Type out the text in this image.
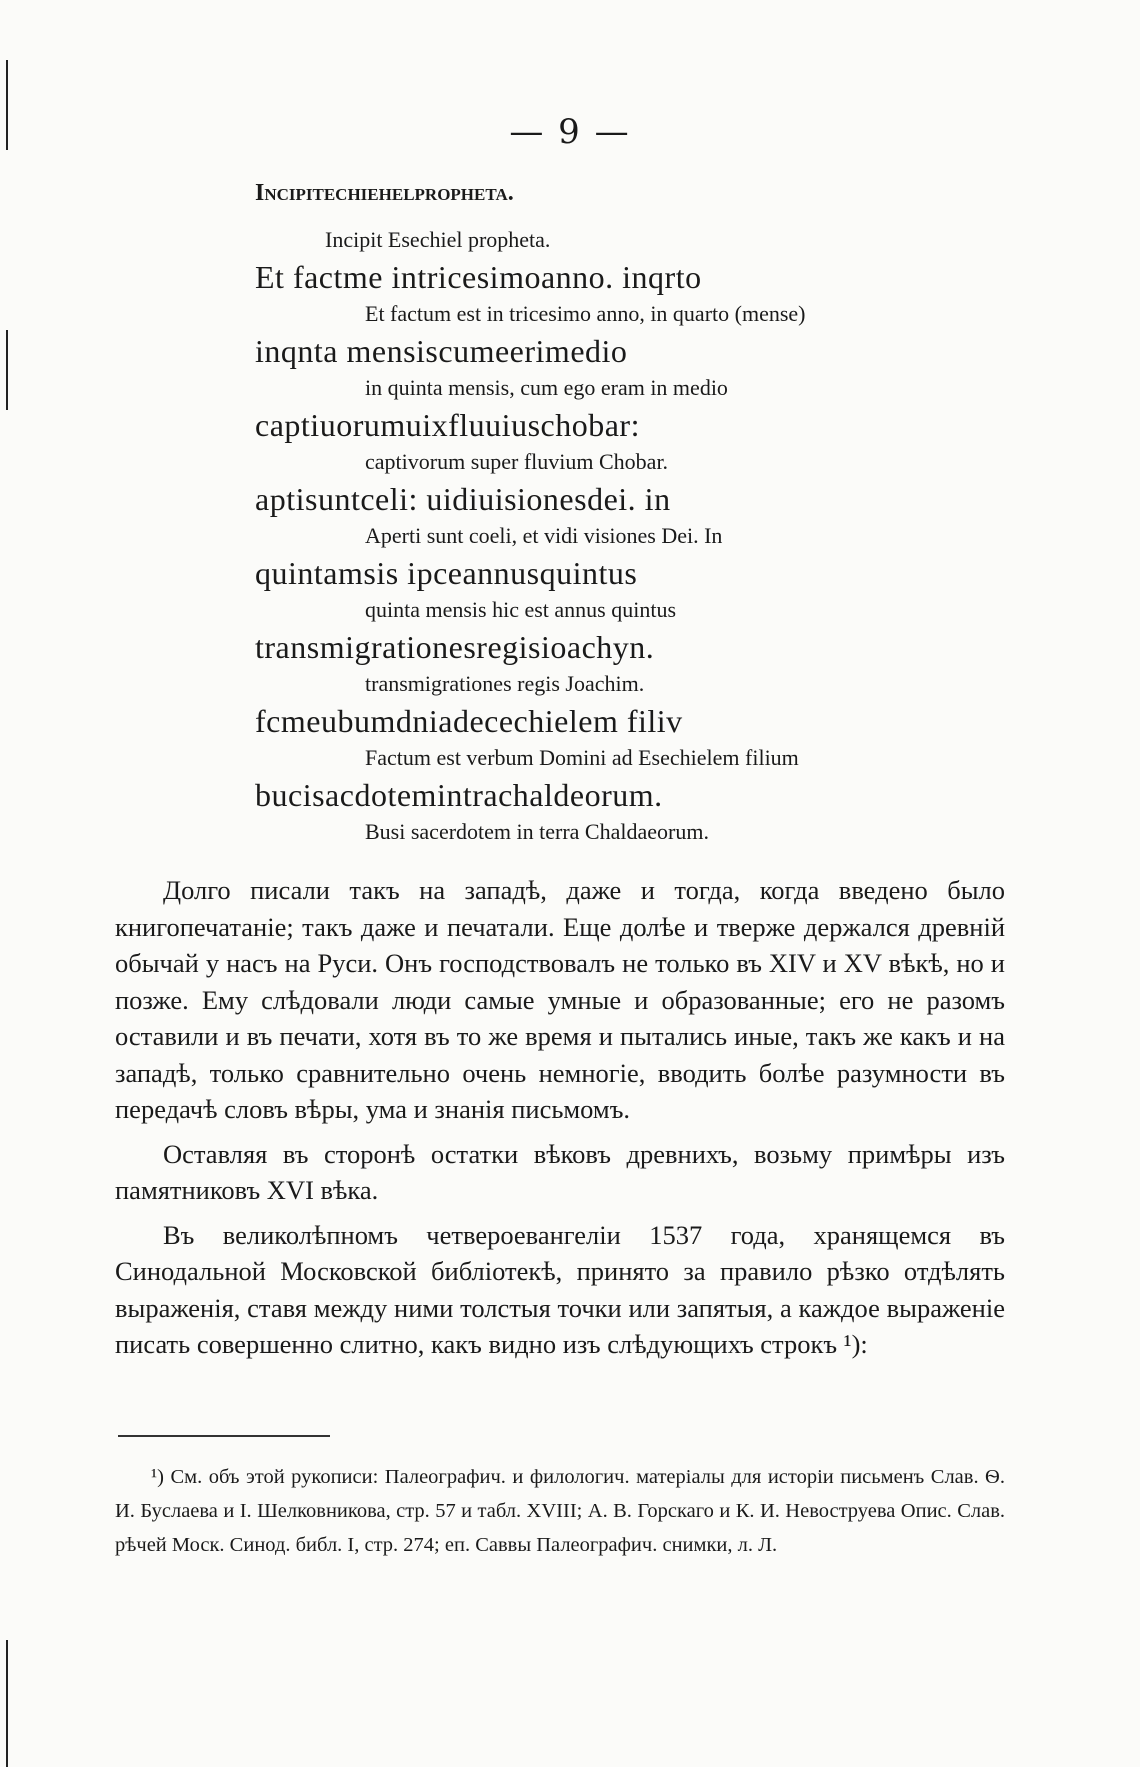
— 9 —
Incipitechiehelpropheta.
Incipit Esechiel propheta.
Et factme intricesimoanno. inqrto
Et factum est in tricesimo anno, in quarto (mense)
inqnta mensiscumeerimedio
in quinta mensis, cum ego eram in medio
captiuorumuixfluuiuschobar:
captivorum super fluvium Chobar.
aptisuntceli: uidiuisionesdei. in
Aperti sunt coeli, et vidi visiones Dei. In
quintamsis ipceannusquintus
quinta mensis hic est annus quintus
transmigrationesregisioachyn.
transmigrationes regis Joachim.
fcmeubumdniadecechielem filiv
Factum est verbum Domini ad Esechielem filium
bucisacdotemintrachaldeorum.
Busi sacerdotem in terra Chaldaeorum.

Долго писали такъ на западѣ, даже и тогда, когда введено было книгопечатаніе; такъ даже и печатали. Еще долѣе и тверже держался древній обычай у насъ на Руси. Онъ господствовалъ не только въ XIV и XV вѣкѣ, но и позже. Ему слѣдовали люди самые умные и образованные; его не разомъ оставили и въ печати, хотя въ то же время и пытались иные, такъ же какъ и на западѣ, только сравнительно очень немногіе, вводить болѣе разумности въ передачѣ словъ вѣры, ума и знанія письмомъ.

Оставляя въ сторонѣ остатки вѣковъ древнихъ, возьму примѣры изъ памятниковъ XVI вѣка.

Въ великолѣпномъ четвероевангеліи 1537 года, хранящемся въ Синодальной Московской библіотекѣ, принято за правило рѣзко отдѣлять выраженія, ставя между ними толстыя точки или запятыя, а каждое выраженіе писать совершенно слитно, какъ видно изъ слѣдующихъ строкъ ¹):

¹) См. объ этой рукописи: Палеографич. и филологич. матеріалы для исторіи письменъ Слав. Ѳ. И. Буслаева и І. Шелковникова, стр. 57 и табл. XVIII; А. В. Горскаго и К. И. Невоструева Опис. Слав. рѣчей Моск. Синод. библ. І, стр. 274; еп. Саввы Палеографич. снимки, л. Л.
